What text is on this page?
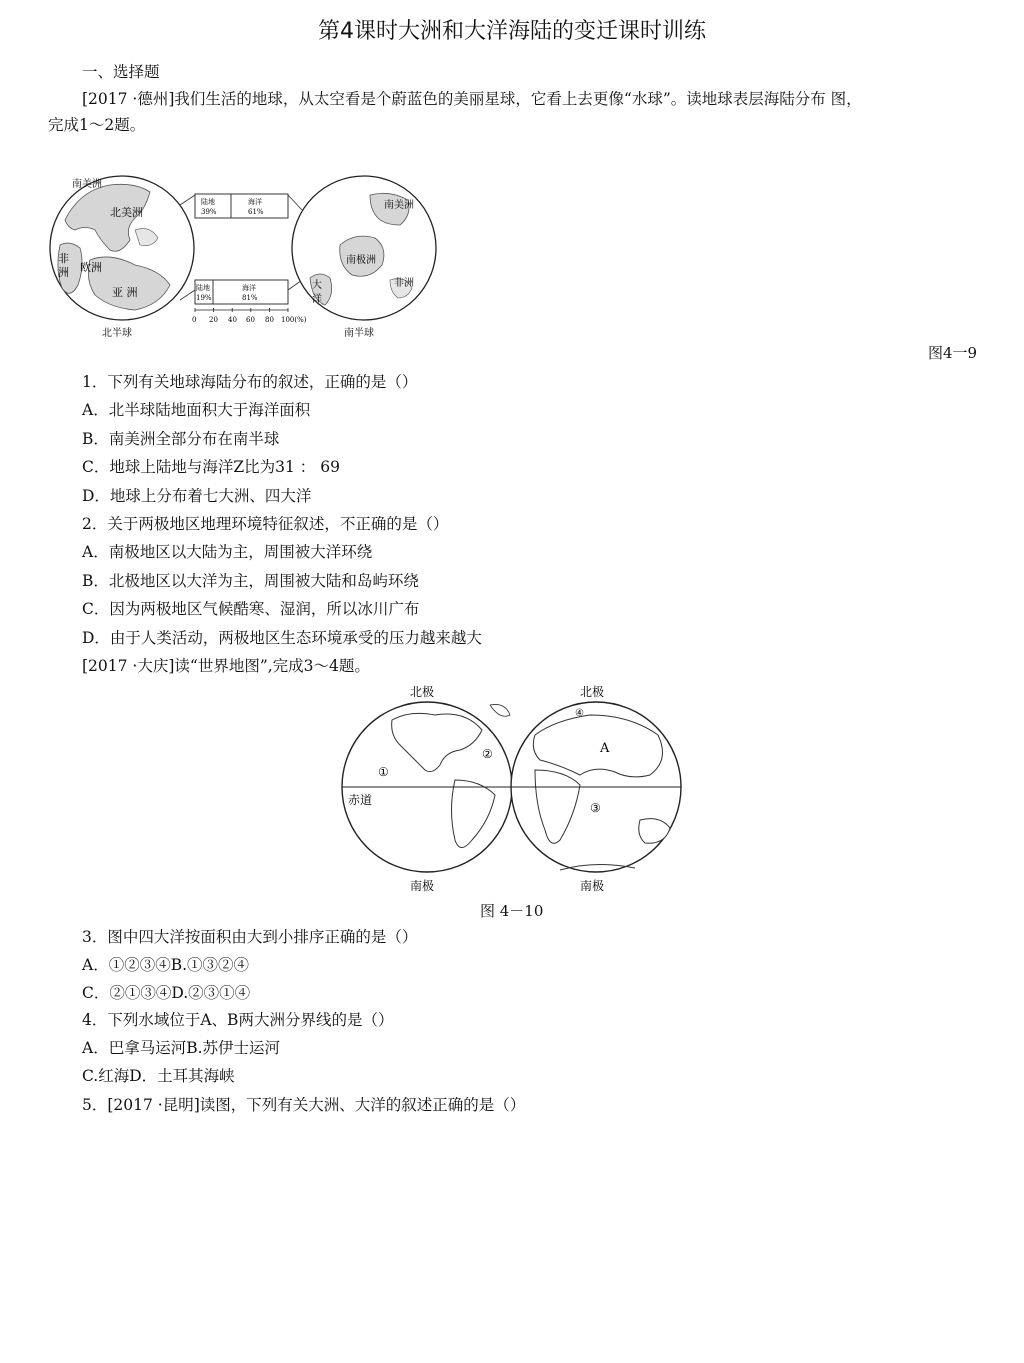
第4课时大洲和大洋海陆的变迁课时训练
一、选择题
[2017 ·德州]我们生活的地球，从太空看是个蔚蓝色的美丽星球，它看上去更像“水球”。读地球表层海陆分布 图，
完成1～2题。
南美洲
北美洲
非
洲 欧洲
亚 洲
北半球
陆地
39%
海洋
61%
陆地
19%
海洋
81%
0 20 40 60 80 100(%)
南美洲
南极洲
非洲
大
洋
南半球
图4一9
1．下列有关地球海陆分布的叙述，正确的是（）
A．北半球陆地面积大于海洋面积
B．南美洲全部分布在南半球
C．地球上陆地与海洋Z比为31 ： 69
D．地球上分布着七大洲、四大洋
2．关于两极地区地理环境特征叙述，不正确的是（）
A．南极地区以大陆为主，周围被大洋环绕
B．北极地区以大洋为主，周围被大陆和岛屿环绕
C．因为两极地区气候酷寒、湿润，所以冰川广布
D．由于人类活动，两极地区生态环境承受的压力越来越大
[2017 ·大庆]读“世界地图”,完成3～4题。
北极	北极
南极	南极
赤道
①
②
③
④
A
图 4－10
3．图中四大洋按面积由大到小排序正确的是（）
A．①②③④B.①③②④
C．②①③④D.②③①④
4．下列水域位于A、B两大洲分界线的是（）
A．巴拿马运河B.苏伊士运河
C.红海D．土耳其海峡
5．[2017 ·昆明]读图，下列有关大洲、大洋的叙述正确的是（）
